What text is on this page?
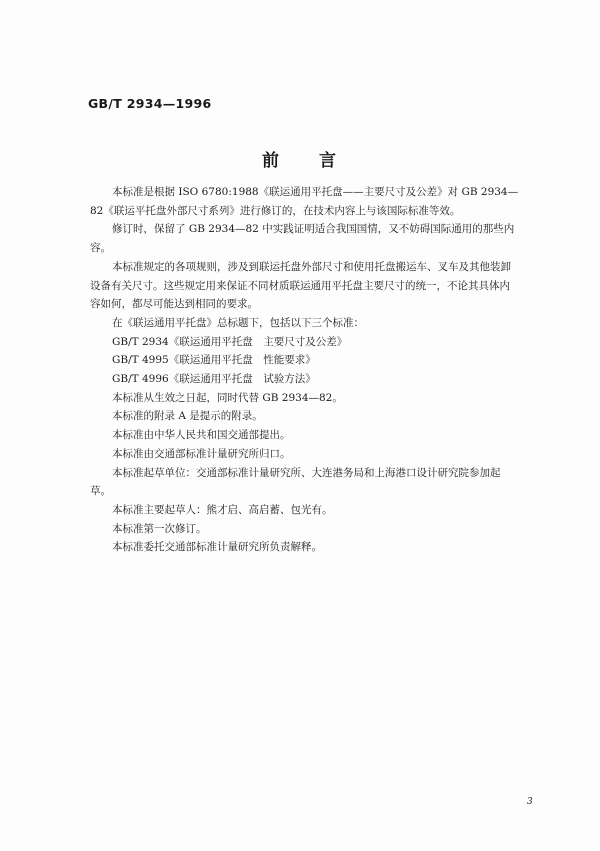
GB/T 2934—1996
前 言

本标准是根据 ISO 6780:1988《联运通用平托盘——主要尺寸及公差》对 GB 2934—82《联运平托盘外部尺寸系列》进行修订的，在技术内容上与该国际标准等效。

修订时，保留了 GB 2934—82 中实践证明适合我国国情，又不妨碍国际通用的那些内容。

本标准规定的各项规则，涉及到联运托盘外部尺寸和使用托盘搬运车、叉车及其他装卸设备有关尺寸。这些规定用来保证不同材质联运通用平托盘主要尺寸的统一，不论其具体内容如何，都尽可能达到相同的要求。

在《联运通用平托盘》总标题下，包括以下三个标准：

GB/T 2934《联运通用平托盘　主要尺寸及公差》

GB/T 4995《联运通用平托盘　性能要求》

GB/T 4996《联运通用平托盘　试验方法》

本标准从生效之日起，同时代替 GB 2934—82。

本标准的附录 A 是提示的附录。

本标准由中华人民共和国交通部提出。

本标准由交通部标准计量研究所归口。

本标准起草单位：交通部标准计量研究所、大连港务局和上海港口设计研究院参加起草。

本标准主要起草人：熊才启、高启蓄、包光有。

本标准第一次修订。

本标准委托交通部标准计量研究所负责解释。

3
